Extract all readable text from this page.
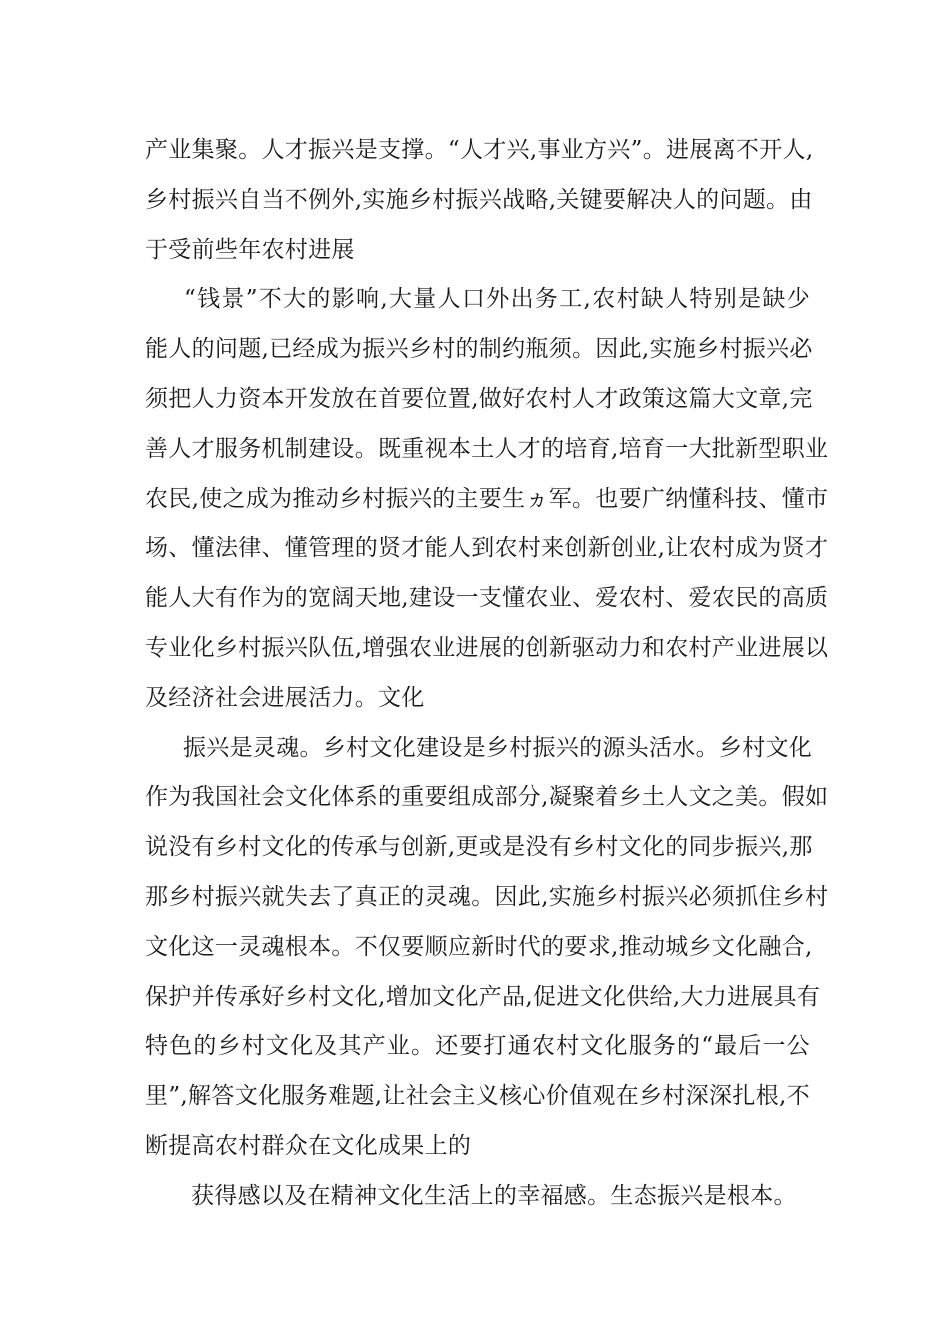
产业集聚。人才振兴是支撑。“人才兴,事业方兴”。进展离不开人,
乡村振兴自当不例外,实施乡村振兴战略,关键要解决人的问题。由
于受前些年农村进展
“钱景”不大的影响,大量人口外出务工,农村缺人特别是缺少
能人的问题,已经成为振兴乡村的制约瓶须。因此,实施乡村振兴必
须把人力资本开发放在首要位置,做好农村人才政策这篇大文章,完
善人才服务机制建设。既重视本土人才的培育,培育一大批新型职业
农民,使之成为推动乡村振兴的主要生ヵ军。也要广纳懂科技、懂市
场、懂法律、懂管理的贤才能人到农村来创新创业,让农村成为贤才
能人大有作为的宽阔天地,建设一支懂农业、爱农村、爱农民的高质
专业化乡村振兴队伍,增强农业进展的创新驱动力和农村产业进展以
及经济社会进展活力。文化
振兴是灵魂。乡村文化建设是乡村振兴的源头活水。乡村文化
作为我国社会文化体系的重要组成部分,凝聚着乡土人文之美。假如
说没有乡村文化的传承与创新,更或是没有乡村文化的同步振兴,那
那乡村振兴就失去了真正的灵魂。因此,实施乡村振兴必须抓住乡村
文化这一灵魂根本。不仅要顺应新时代的要求,推动城乡文化融合,
保护并传承好乡村文化,增加文化产品,促进文化供给,大力进展具有
特色的乡村文化及其产业。还要打通农村文化服务的“最后一公
里”,解答文化服务难题,让社会主义核心价值观在乡村深深扎根,不
断提高农村群众在文化成果上的
获得感以及在精神文化生活上的幸福感。生态振兴是根本。
